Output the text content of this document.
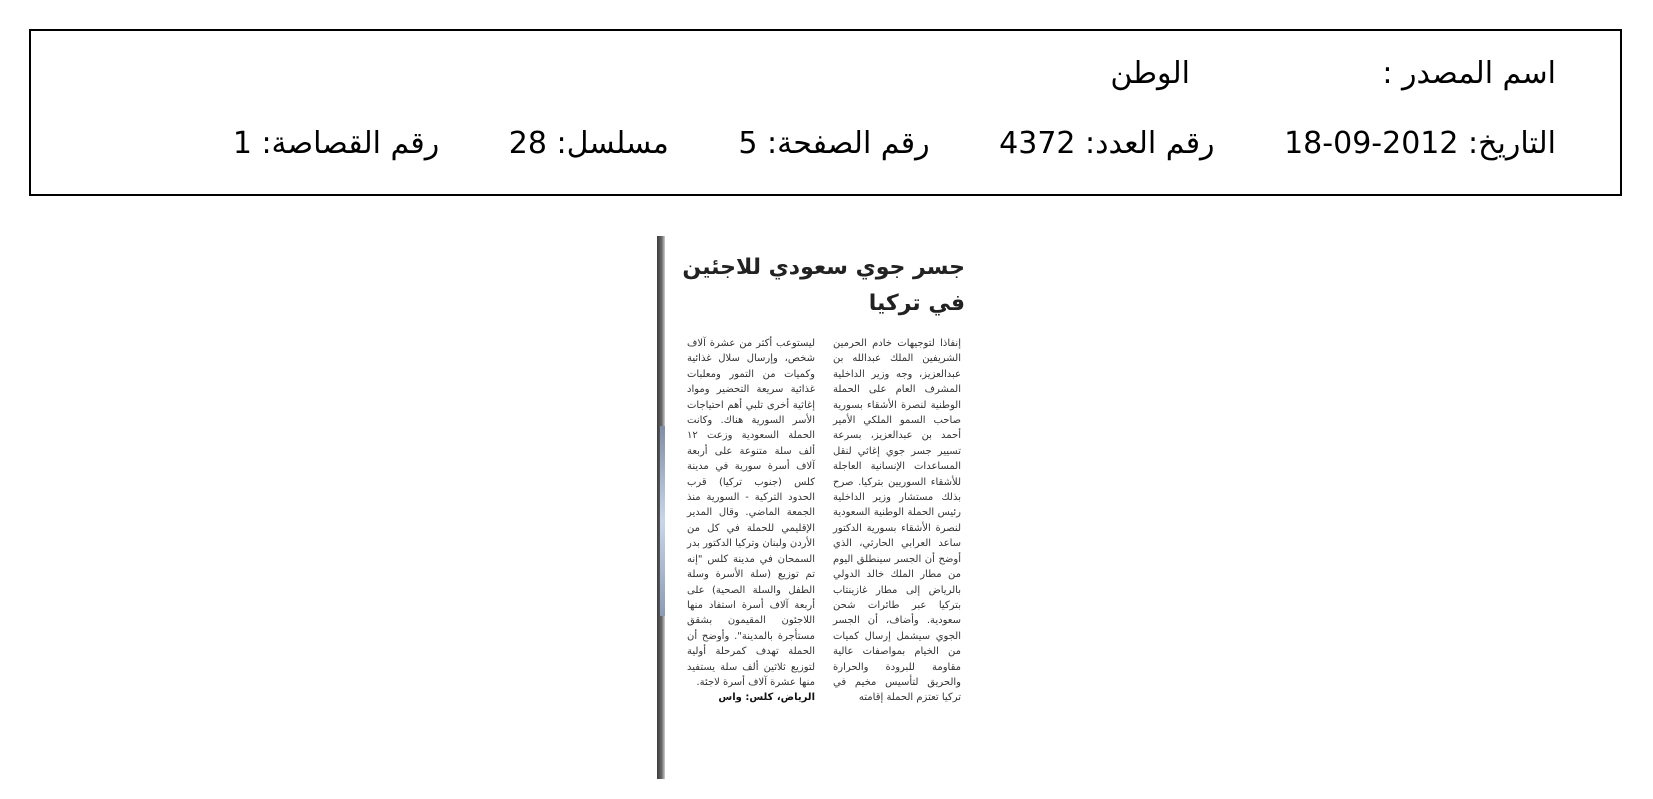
اسم المصدر :
الوطن
التاريخ: 2012-09-18 رقم العدد: 4372 رقم الصفحة: 5 مسلسل: 28 رقم القصاصة: 1
جسر جوي سعودي للاجئين في تركيا
إنفاذا لتوجيهات خادم الحرمين الشريفين الملك عبدالله بن عبدالعزيز، وجه وزير الداخلية المشرف العام على الحملة الوطنية لنصرة الأشقاء بسورية صاحب السمو الملكي الأمير أحمد بن عبدالعزيز، بسرعة تسيير جسر جوي إغاثي لنقل المساعدات الإنسانية العاجلة للأشقاء السوريين بتركيا. صرح بذلك مستشار وزير الداخلية رئيس الحملة الوطنية السعودية لنصرة الأشقاء بسورية الدكتور ساعد العرابي الحارثي، الذي أوضح أن الجسر سينطلق اليوم من مطار الملك خالد الدولي بالرياض إلى مطار غازينتاب بتركيا عبر طائرات شحن سعودية. وأضاف، أن الجسر الجوي سيشمل إرسال كميات من الخيام بمواصفات عالية مقاومة للبرودة والحرارة والحريق لتأسيس مخيم في تركيا تعتزم الحملة إقامته
ليستوعب أكثر من عشرة آلاف شخص، وإرسال سلال غذائية وكميات من التمور ومعلبات غذائية سريعة التحضير ومواد إغاثية أخرى تلبي أهم احتياجات الأسر السورية هناك. وكانت الحملة السعودية وزعت ١٢ ألف سلة متنوعة على أربعة آلاف أسرة سورية في مدينة كلس (جنوب تركيا) قرب الحدود التركية - السورية منذ الجمعة الماضي. وقال المدير الإقليمي للحملة في كل من الأردن ولبنان وتركيا الدكتور بدر السمحان في مدينة كلس "إنه تم توزيع (سلة الأسرة وسلة الطفل والسلة الصحية) على أربعة آلاف أسرة استفاد منها اللاجئون المقيمون بشقق مستأجرة بالمدينة". وأوضح أن الحملة تهدف كمرحلة أولية لتوزيع ثلاثين ألف سلة يستفيد منها عشرة آلاف أسرة لاجئة.
الرياض، كلس: واس
